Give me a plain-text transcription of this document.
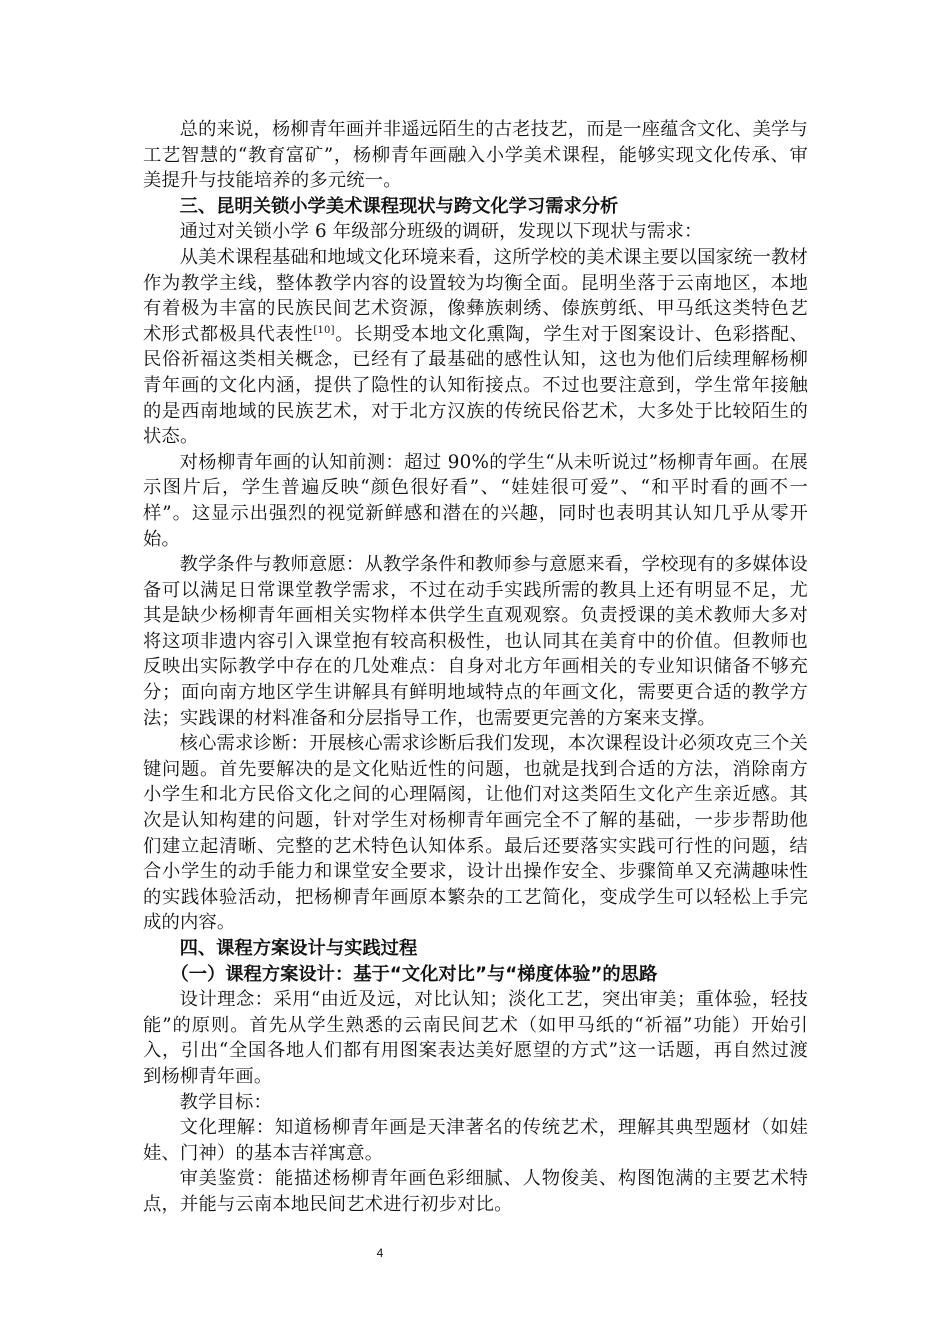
总的来说，杨柳青年画并非遥远陌生的古老技艺，而是一座蕴含文化、美学与工艺智慧的“教育富矿”，杨柳青年画融入小学美术课程，能够实现文化传承、审美提升与技能培养的多元统一。

三、昆明关锁小学美术课程现状与跨文化学习需求分析

通过对关锁小学 6 年级部分班级的调研，发现以下现状与需求：

从美术课程基础和地域文化环境来看，这所学校的美术课主要以国家统一教材作为教学主线，整体教学内容的设置较为均衡全面。昆明坐落于云南地区，本地有着极为丰富的民族民间艺术资源，像彝族刺绣、傣族剪纸、甲马纸这类特色艺术形式都极具代表性[10]。长期受本地文化熏陶，学生对于图案设计、色彩搭配、民俗祈福这类相关概念，已经有了最基础的感性认知，这也为他们后续理解杨柳青年画的文化内涵，提供了隐性的认知衔接点。不过也要注意到，学生常年接触的是西南地域的民族艺术，对于北方汉族的传统民俗艺术，大多处于比较陌生的状态。

对杨柳青年画的认知前测：超过 90%的学生“从未听说过”杨柳青年画。在展示图片后，学生普遍反映“颜色很好看”、“娃娃很可爱”、“和平时看的画不一样”。这显示出强烈的视觉新鲜感和潜在的兴趣，同时也表明其认知几乎从零开始。

教学条件与教师意愿：从教学条件和教师参与意愿来看，学校现有的多媒体设备可以满足日常课堂教学需求，不过在动手实践所需的教具上还有明显不足，尤其是缺少杨柳青年画相关实物样本供学生直观观察。负责授课的美术教师大多对将这项非遗内容引入课堂抱有较高积极性，也认同其在美育中的价值。但教师也反映出实际教学中存在的几处难点：自身对北方年画相关的专业知识储备不够充分；面向南方地区学生讲解具有鲜明地域特点的年画文化，需要更合适的教学方法；实践课的材料准备和分层指导工作，也需要更完善的方案来支撑。

核心需求诊断：开展核心需求诊断后我们发现，本次课程设计必须攻克三个关键问题。首先要解决的是文化贴近性的问题，也就是找到合适的方法，消除南方小学生和北方民俗文化之间的心理隔阂，让他们对这类陌生文化产生亲近感。其次是认知构建的问题，针对学生对杨柳青年画完全不了解的基础，一步步帮助他们建立起清晰、完整的艺术特色认知体系。最后还要落实实践可行性的问题，结合小学生的动手能力和课堂安全要求，设计出操作安全、步骤简单又充满趣味性的实践体验活动，把杨柳青年画原本繁杂的工艺简化，变成学生可以轻松上手完成的内容。

四、课程方案设计与实践过程
（一）课程方案设计：基于“文化对比”与“梯度体验”的思路

设计理念：采用“由近及远，对比认知；淡化工艺，突出审美；重体验，轻技能”的原则。首先从学生熟悉的云南民间艺术（如甲马纸的“祈福”功能）开始引入，引出“全国各地人们都有用图案表达美好愿望的方式”这一话题，再自然过渡到杨柳青年画。

教学目标：

文化理解：知道杨柳青年画是天津著名的传统艺术，理解其典型题材（如娃娃、门神）的基本吉祥寓意。

审美鉴赏：能描述杨柳青年画色彩细腻、人物俊美、构图饱满的主要艺术特点，并能与云南本地民间艺术进行初步对比。

4
